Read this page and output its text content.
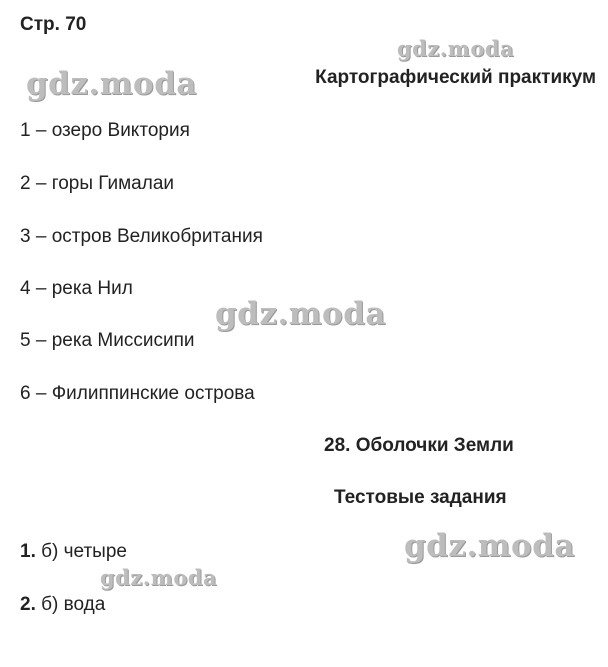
Стр. 70
gdz.moda
gdz.moda	Картографический практикум
1 – озеро Виктория
2 – горы Гималаи
3 – остров Великобритания
4 – река Нил
gdz.moda
5 – река Миссисипи
6 – Филиппинские острова
28. Оболочки Земли
Тестовые задания
gdz.moda
1. б) четыре
gdz.moda
2. б) вода
